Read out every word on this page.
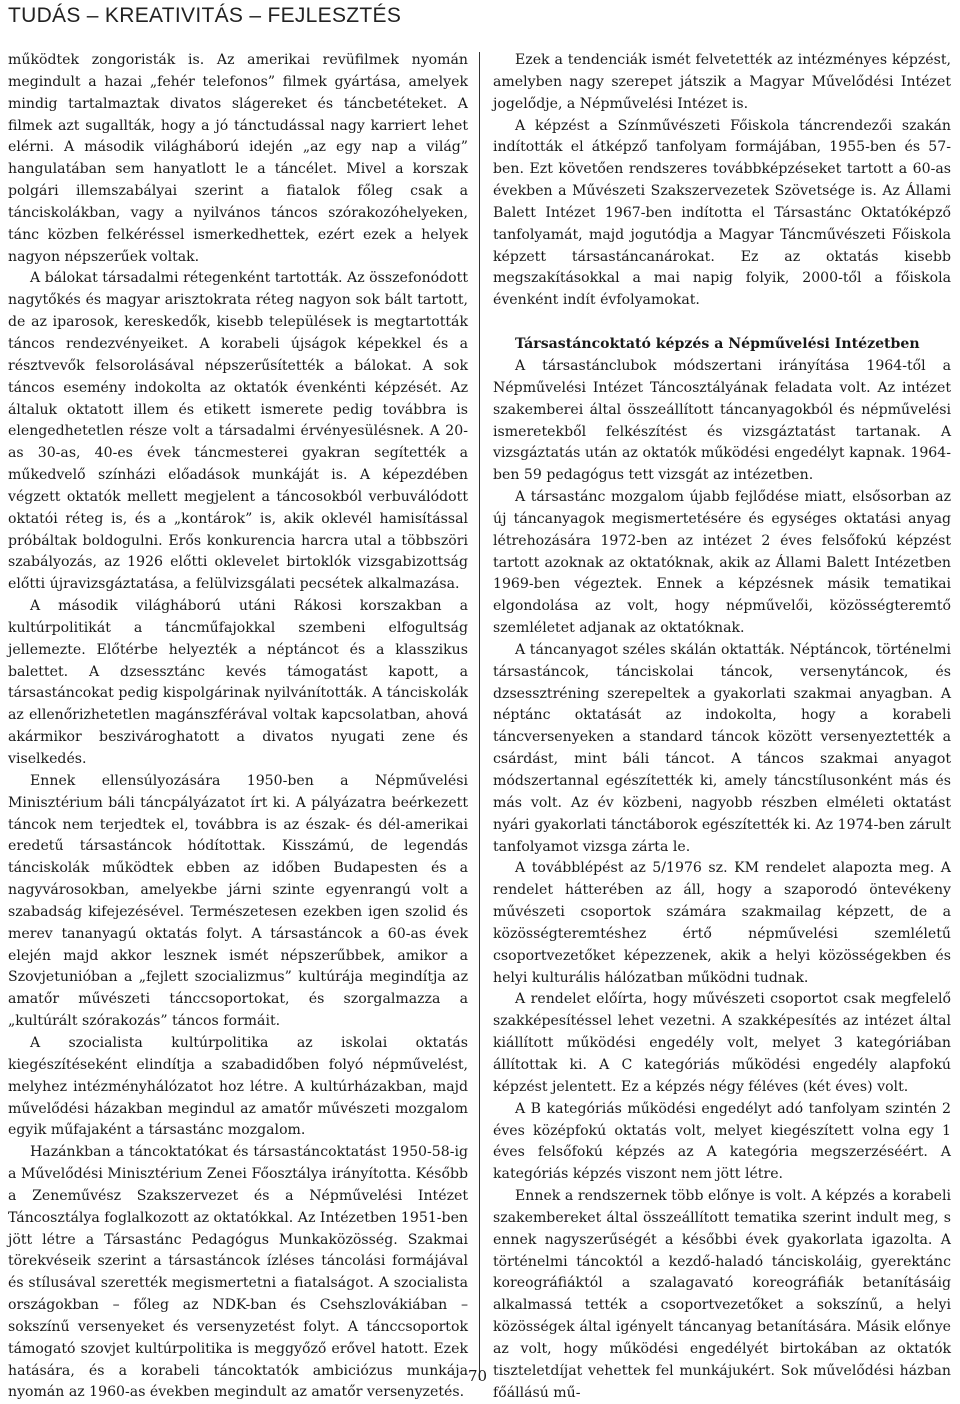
TUDÁS – KREATIVITÁS – FEJLESZTÉS

működtek zongoristák is. Az amerikai revüfilmek nyomán megindult a hazai „fehér telefonos” filmek gyártása, amelyek mindig tartalmaztak divatos slágereket és táncbetéteket. A filmek azt sugallták, hogy a jó tánctudással nagy karriert lehet elérni. A második világháború idején „az egy nap a világ” hangulatában sem hanyatlott le a táncélet. Mivel a korszak polgári illemszabályai szerint a fiatalok főleg csak a tánciskolákban, vagy a nyilvános táncos szórakozóhelyeken, tánc közben felkéréssel ismerkedhettek, ezért ezek a helyek nagyon népszerűek voltak.

A bálokat társadalmi rétegenként tartották. Az összefonódott nagytőkés és magyar arisztokrata réteg nagyon sok bált tartott, de az iparosok, kereskedők, kisebb települések is megtartották táncos rendezvényeiket. A korabeli újságok képekkel és a résztvevők felsorolásával népszerűsítették a bálokat. A sok táncos esemény indokolta az oktatók évenkénti képzését. Az általuk oktatott illem és etikett ismerete pedig továbbra is elengedhetetlen része volt a társadalmi érvényesülésnek. A 20-as 30-as, 40-es évek táncmesterei gyakran segítették a műkedvelő színházi előadások munkáját is. A képezdében végzett oktatók mellett megjelent a táncosokból verbuválódott oktatói réteg is, és a „kontárok” is, akik oklevél hamisítással próbáltak boldogulni. Erős konkurencia harcra utal a többszöri szabályozás, az 1926 előtti oklevelet birtoklók vizsgabizottság előtti újravizsgáztatása, a felülvizsgálati pecsétek alkalmazása.

A második világháború utáni Rákosi korszakban a kultúrpolitikát a táncműfajokkal szembeni elfogultság jellemezte. Előtérbe helyezték a néptáncot és a klasszikus balettet. A dzsessztánc kevés támogatást kapott, a társastáncokat pedig kispolgárinak nyilvánították. A tánciskolák az ellenőrizhetetlen magánszférával voltak kapcsolatban, ahová akármikor beszivároghatott a divatos nyugati zene és viselkedés.

Ennek ellensúlyozására 1950-ben a Népművelési Minisztérium báli táncpályázatot írt ki. A pályázatra beérkezett táncok nem terjedtek el, továbbra is az észak- és dél-amerikai eredetű társastáncok hódítottak. Kisszámú, de legendás tánciskolák működtek ebben az időben Budapesten és a nagyvárosokban, amelyekbe járni szinte egyenrangú volt a szabadság kifejezésével. Természetesen ezekben igen szolid és merev tananyagú oktatás folyt. A társastáncok a 60-as évek elején majd akkor lesznek ismét népszerűbbek, amikor a Szovjetunióban a „fejlett szocializmus” kultúrája megindítja az amatőr művészeti tánccsoportokat, és szorgalmazza a „kultúrált szórakozás” táncos formáit.

A szocialista kultúrpolitika az iskolai oktatás kiegészítéseként elindítja a szabadidőben folyó népművelést, melyhez intézményhálózatot hoz létre. A kultúrházakban, majd művelődési házakban megindul az amatőr művészeti mozgalom egyik műfajaként a társastánc mozgalom.

Hazánkban a táncoktatókat és társastáncoktatást 1950-58-ig a Művelődési Minisztérium Zenei Főosztálya irányította. Később a Zeneművész Szakszervezet és a Népművelési Intézet Táncosztálya foglalkozott az oktatókkal. Az Intézetben 1951-ben jött létre a Társastánc Pedagógus Munkaközösség. Szakmai törekvéseik szerint a társastáncok ízléses táncolási formájával és stílusával szerették megismertetni a fiatalságot. A szocialista országokban – főleg az NDK-ban és Csehszlovákiában – sokszínű versenyeket és versenyzetést folyt. A tánccsoportok támogató szovjet kultúrpolitika is meggyőző erővel hatott. Ezek hatására, és a korabeli táncoktatók ambiciózus munkája nyomán az 1960-as években megindult az amatőr versenyzetés.

Ezek a tendenciák ismét felvetették az intézményes képzést, amelyben nagy szerepet játszik a Magyar Művelődési Intézet jogelődje, a Népművelési Intézet is.

A képzést a Színművészeti Főiskola táncrendezői szakán indították el átképző tanfolyam formájában, 1955-ben és 57-ben. Ezt követően rendszeres továbbképzéseket tartott a 60-as években a Művészeti Szakszervezetek Szövetsége is. Az Állami Balett Intézet 1967-ben indította el Társastánc Oktatóképző tanfolyamát, majd jogutódja a Magyar Táncművészeti Főiskola képzett társastáncanárokat. Ez az oktatás kisebb megszakításokkal a mai napig folyik, 2000-től a főiskola évenként indít évfolyamokat.

Társastáncoktató képzés a Népművelési Intézetben

A társastánclubok módszertani irányítása 1964-től a Népművelési Intézet Táncosztályának feladata volt. Az intézet szakemberei által összeállított táncanyagokból és népművelési ismeretekből felkészítést és vizsgáztatást tartanak. A vizsgáztatás után az oktatók működési engedélyt kapnak. 1964-ben 59 pedagógus tett vizsgát az intézetben.

A társastánc mozgalom újabb fejlődése miatt, elsősorban az új táncanyagok megismertetésére és egységes oktatási anyag létrehozására 1972-ben az intézet 2 éves felsőfokú képzést tartott azoknak az oktatóknak, akik az Állami Balett Intézetben 1969-ben végeztek. Ennek a képzésnek másik tematikai elgondolása az volt, hogy népművelői, közösségteremtő szemléletet adjanak az oktatóknak.

A táncanyagot széles skálán oktatták. Néptáncok, történelmi társastáncok, tánciskolai táncok, versenytáncok, és dzsessztréning szerepeltek a gyakorlati szakmai anyagban. A néptánc oktatását az indokolta, hogy a korabeli táncversenyeken a standard táncok között versenyeztették a csárdást, mint báli táncot. A táncos szakmai anyagot módszertannal egészítették ki, amely táncstílusonként más és más volt. Az év közbeni, nagyobb részben elméleti oktatást nyári gyakorlati tánctáborok egészítették ki. Az 1974-ben zárult tanfolyamot vizsga zárta le.

A továbblépést az 5/1976 sz. KM rendelet alapozta meg. A rendelet hátterében az áll, hogy a szaporodó öntevékeny művészeti csoportok számára szakmailag képzett, de a közösségteremtéshez értő népművelési szemléletű csoportvezetőket képezzenek, akik a helyi közösségekben és helyi kulturális hálózatban működni tudnak.

A rendelet előírta, hogy művészeti csoportot csak megfelelő szakképesítéssel lehet vezetni. A szakképesítés az intézet által kiállított működési engedély volt, melyet 3 kategóriában állítottak ki. A C kategóriás működési engedély alapfokú képzést jelentett. Ez a képzés négy féléves (két éves) volt.

A B kategóriás működési engedélyt adó tanfolyam szintén 2 éves középfokú oktatás volt, melyet kiegészített volna egy 1 éves felsőfokú képzés az A kategória megszerzéséért. A kategóriás képzés viszont nem jött létre.

Ennek a rendszernek több előnye is volt. A képzés a korabeli szakembereket által összeállított tematika szerint indult meg, s ennek nagyszerűségét a későbbi évek gyakorlata igazolta. A történelmi táncoktól a kezdő-haladó tánciskoláig, gyerektánc koreográfiáktól a szalagavató koreográfiák betanításáig alkalmassá tették a csoportvezetőket a sokszínű, a helyi közösségek által igényelt táncanyag betanítására. Másik előnye az volt, hogy működési engedélyét birtokában az oktatók tiszteletdíjat vehettek fel munkájukért. Sok művelődési házban főállású mű-

70
